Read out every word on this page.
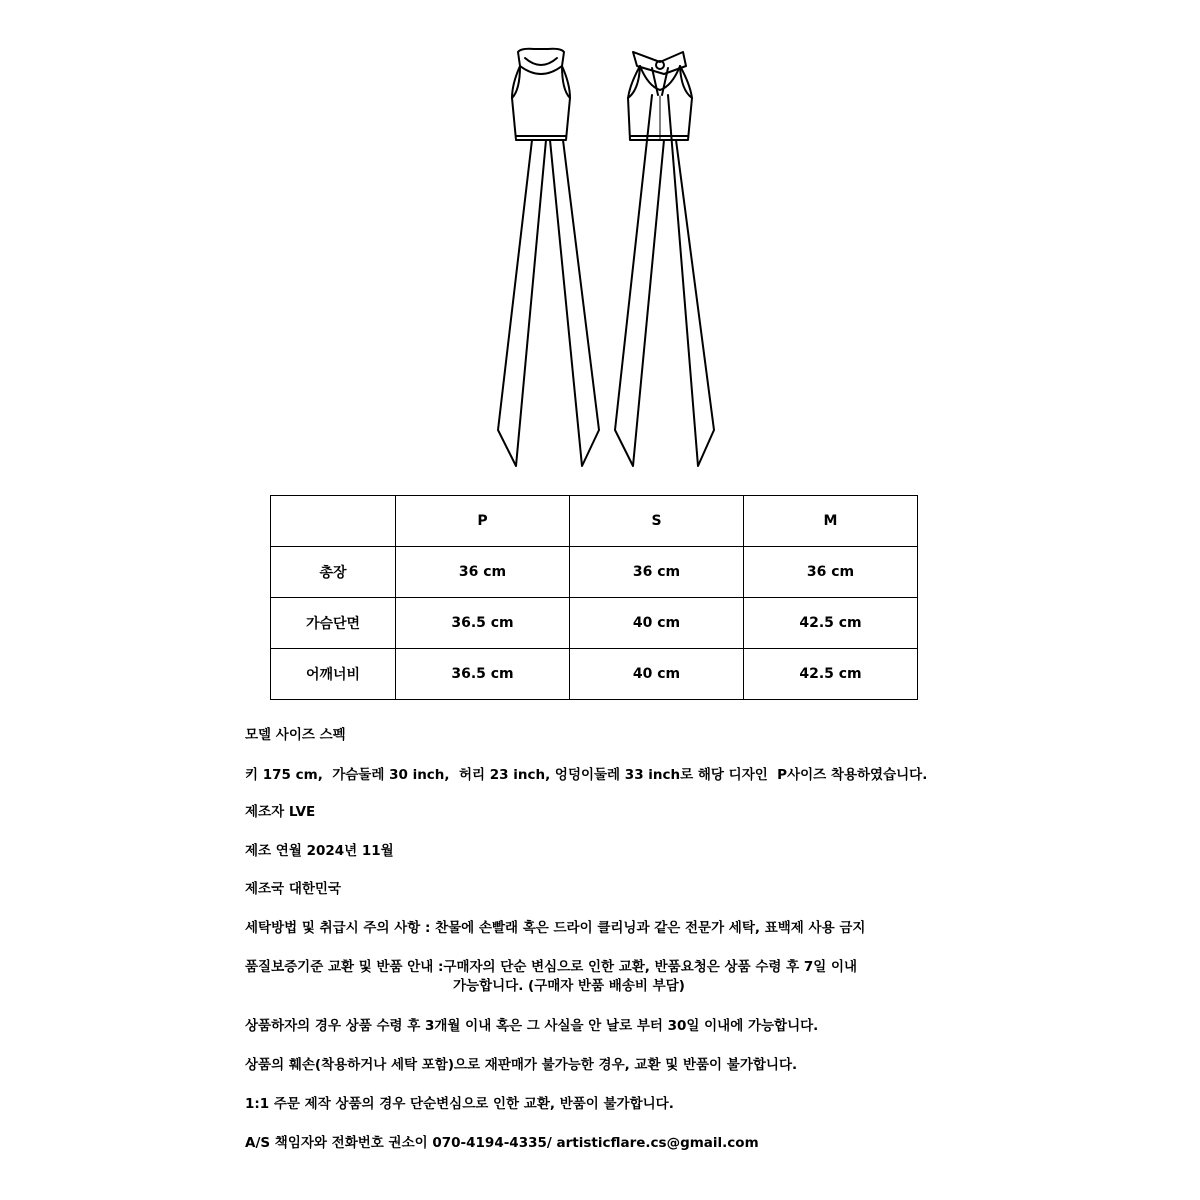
	P	S	M
총장	36 cm	36 cm	36 cm
가슴단면	36.5 cm	40 cm	42.5 cm
어깨너비	36.5 cm	40 cm	42.5 cm
모델 사이즈 스펙
키 175 cm,  가슴둘레 30 inch,  허리 23 inch, 엉덩이둘레 33 inch로 해당 디자인  P사이즈 착용하였습니다.
제조자 LVE
제조 연월 2024년 11월
제조국 대한민국
세탁방법 및 취급시 주의 사항 : 찬물에 손빨래 혹은 드라이 클리닝과 같은 전문가 세탁, 표백제 사용 금지
품질보증기준 교환 및 반품 안내 :구매자의 단순 변심으로 인한 교환, 반품요청은 상품 수령 후 7일 이내
가능합니다. (구매자 반품 배송비 부담)
상품하자의 경우 상품 수령 후 3개월 이내 혹은 그 사실을 안 날로 부터 30일 이내에 가능합니다.
상품의 훼손(착용하거나 세탁 포함)으로 재판매가 불가능한 경우, 교환 및 반품이 불가합니다.
1:1 주문 제작 상품의 경우 단순변심으로 인한 교환, 반품이 불가합니다.
A/S 책임자와 전화번호 권소이 070-4194-4335/ artisticflare.cs@gmail.com
